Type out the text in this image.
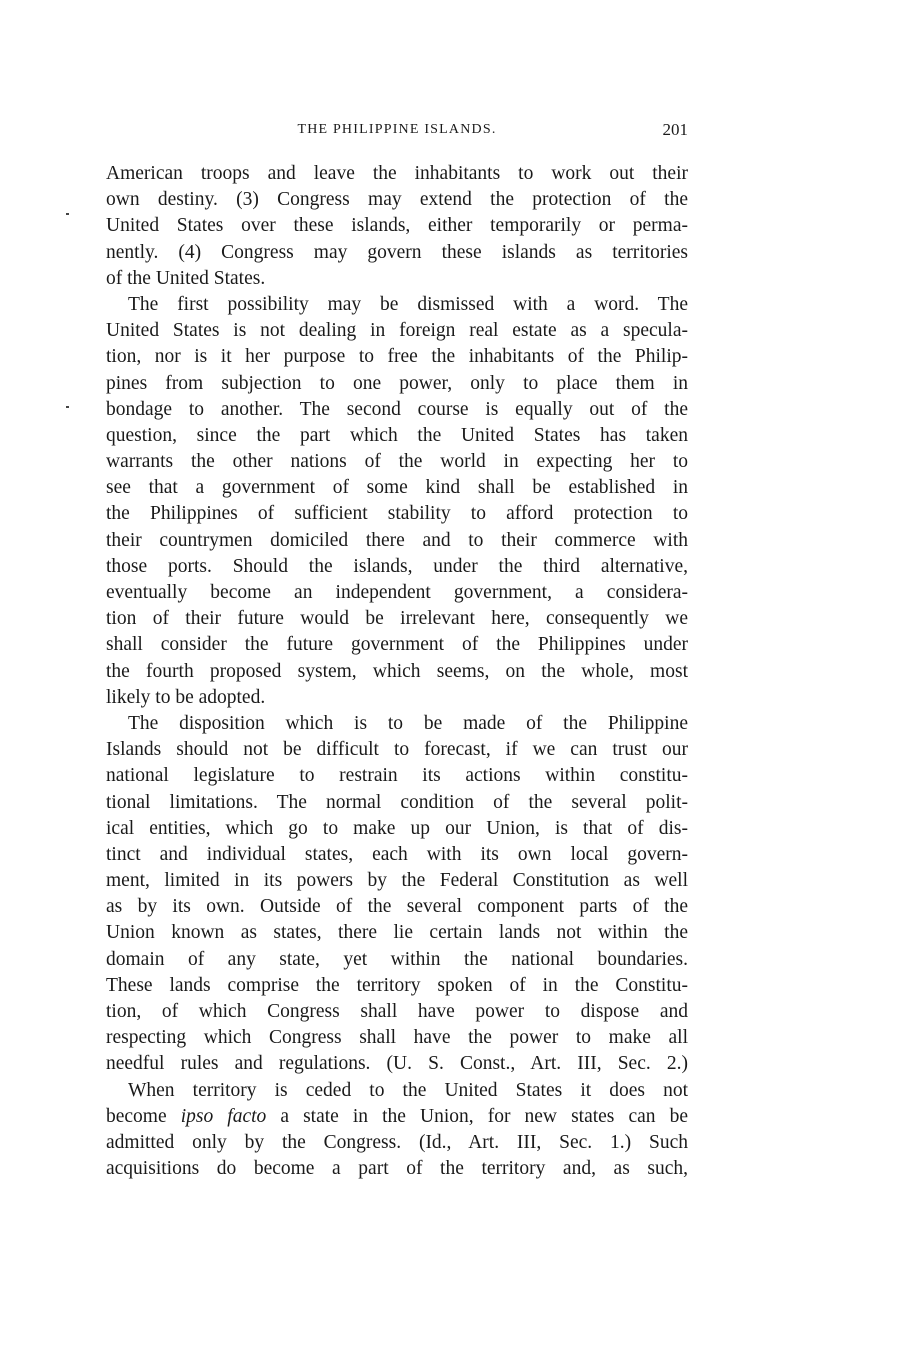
THE PHILIPPINE ISLANDS.	201
American troops and leave the inhabitants to work out their
own destiny. (3) Congress may extend the protection of the
United States over these islands, either temporarily or perma-
nently. (4) Congress may govern these islands as territories
of the United States.
The first possibility may be dismissed with a word. The
United States is not dealing in foreign real estate as a specula-
tion, nor is it her purpose to free the inhabitants of the Philip-
pines from subjection to one power, only to place them in
bondage to another. The second course is equally out of the
question, since the part which the United States has taken
warrants the other nations of the world in expecting her to
see that a government of some kind shall be established in
the Philippines of sufficient stability to afford protection to
their countrymen domiciled there and to their commerce with
those ports. Should the islands, under the third alternative,
eventually become an independent government, a considera-
tion of their future would be irrelevant here, consequently we
shall consider the future government of the Philippines under
the fourth proposed system, which seems, on the whole, most
likely to be adopted.
The disposition which is to be made of the Philippine
Islands should not be difficult to forecast, if we can trust our
national legislature to restrain its actions within constitu-
tional limitations. The normal condition of the several polit-
ical entities, which go to make up our Union, is that of dis-
tinct and individual states, each with its own local govern-
ment, limited in its powers by the Federal Constitution as well
as by its own. Outside of the several component parts of the
Union known as states, there lie certain lands not within the
domain of any state, yet within the national boundaries.
These lands comprise the territory spoken of in the Constitu-
tion, of which Congress shall have power to dispose and
respecting which Congress shall have the power to make all
needful rules and regulations. (U. S. Const., Art. III, Sec. 2.)
When territory is ceded to the United States it does not
become ipso facto a state in the Union, for new states can be
admitted only by the Congress. (Id., Art. III, Sec. 1.) Such
acquisitions do become a part of the territory and, as such,
